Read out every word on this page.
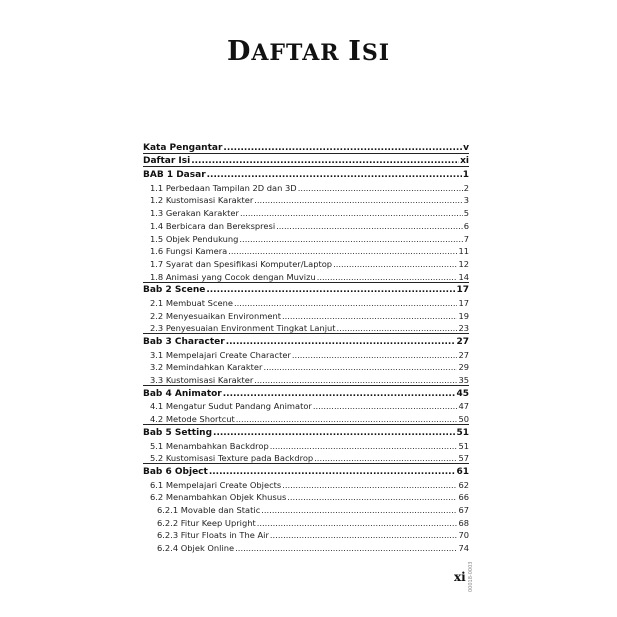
DAFTAR ISI
Kata Pengantar .....	v
Daftar Isi .....	xi
BAB 1 Dasar .....	1
1.1 Perbedaan Tampilan 2D dan 3D .....	2
1.2 Kustomisasi Karakter .....	3
1.3 Gerakan Karakter .....	5
1.4 Berbicara dan Berekspresi .....	6
1.5 Objek Pendukung .....	7
1.6 Fungsi Kamera .....	11
1.7 Syarat dan Spesifikasi Komputer/Laptop .....	12
1.8 Animasi yang Cocok dengan Muvizu .....	14
Bab 2 Scene .....	17
2.1 Membuat Scene .....	17
2.2 Menyesuaikan Environment .....	19
2.3 Penyesuaian Environment Tingkat Lanjut .....	23
Bab 3 Character .....	27
3.1 Mempelajari Create Character .....	27
3.2 Memindahkan Karakter .....	29
3.3 Kustomisasi Karakter .....	35
Bab 4 Animator .....	45
4.1 Mengatur Sudut Pandang Animator .....	47
4.2 Metode Shortcut .....	50
Bab 5 Setting .....	51
5.1 Menambahkan Backdrop .....	51
5.2 Kustomisasi Texture pada Backdrop .....	57
Bab 6 Object .....	61
6.1 Mempelajari Create Objects .....	62
6.2 Menambahkan Objek Khusus .....	66
6.2.1 Movable dan Static .....	67
6.2.2 Fitur Keep Upright .....	68
6.2.3 Fitur Floats in The Air .....	70
6.2.4 Objek Online .....	74
xi 00018-0003
